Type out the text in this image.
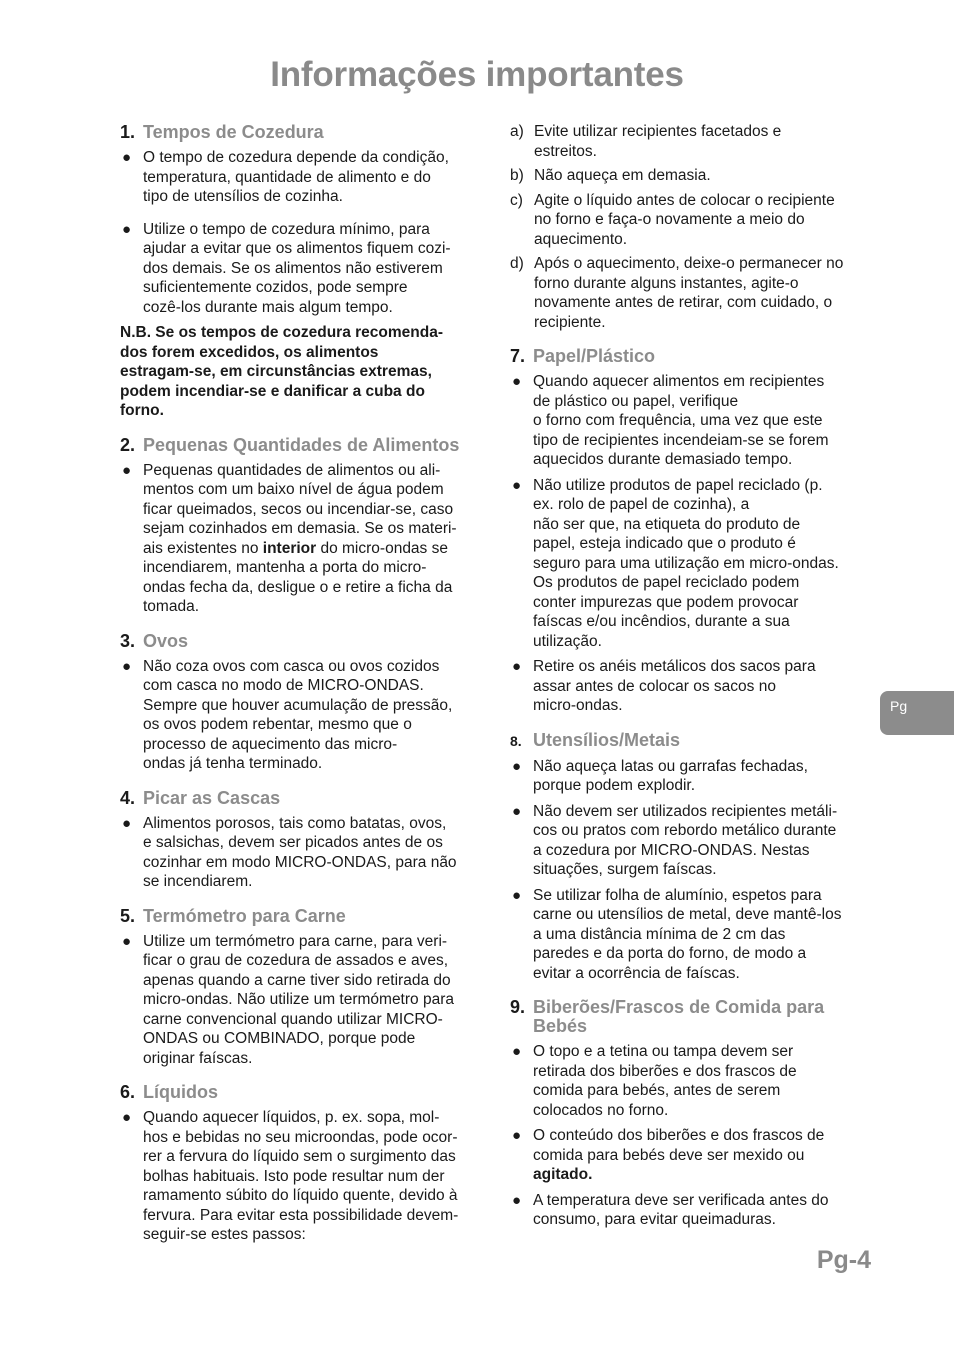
Informações importantes
1. Tempos de Cozedura
● O tempo de cozedura depende da condição,
temperatura, quantidade de alimento e do
tipo de utensílios de cozinha.
● Utilize o tempo de cozedura mínimo, para
ajudar a evitar que os alimentos fiquem cozi-
dos demais. Se os alimentos não estiverem
suficientemente cozidos, pode sempre
cozê-los durante mais algum tempo.
N.B. Se os tempos de cozedura recomenda-
dos forem excedidos, os alimentos
estragam-se, em circunstâncias extremas,
podem incendiar-se e danificar a cuba do
forno.
2. Pequenas Quantidades de Alimentos
● Pequenas quantidades de alimentos ou ali-
mentos com um baixo nível de água podem
ficar queimados, secos ou incendiar-se, caso
sejam cozinhados em demasia. Se os materi-
ais existentes no interior do micro-ondas se
incendiarem, mantenha a porta do micro-
ondas fecha da, desligue o e retire a ficha da
tomada.
3. Ovos
● Não coza ovos com casca ou ovos cozidos
com casca no modo de MICRO-ONDAS.
Sempre que houver acumulação de pressão,
os ovos podem rebentar, mesmo que o
processo de aquecimento das micro-
ondas já tenha terminado.
4. Picar as Cascas
● Alimentos porosos, tais como batatas, ovos,
e salsichas, devem ser picados antes de os
cozinhar em modo MICRO-ONDAS, para não
se incendiarem.
5. Termómetro para Carne
● Utilize um termómetro para carne, para veri-
ficar o grau de cozedura de assados e aves,
apenas quando a carne tiver sido retirada do
micro-ondas. Não utilize um termómetro para
carne convencional quando utilizar MICRO-
ONDAS ou COMBINADO, porque pode
originar faíscas.
6. Líquidos
● Quando aquecer líquidos, p. ex. sopa, mol-
hos e bebidas no seu microondas, pode ocor-
rer a fervura do líquido sem o surgimento das
bolhas habituais. Isto pode resultar num der
ramamento súbito do líquido quente, devido à
fervura. Para evitar esta possibilidade devem-
seguir-se estes passos:
a) Evite utilizar recipientes facetados e
estreitos.
b) Não aqueça em demasia.
c) Agite o líquido antes de colocar o recipiente
no forno e faça-o novamente a meio do
aquecimento.
d) Após o aquecimento, deixe-o permanecer no
forno durante alguns instantes, agite-o
novamente antes de retirar, com cuidado, o
recipiente.
7. Papel/Plástico
● Quando aquecer alimentos em recipientes
de plástico ou papel, verifique
o forno com frequência, uma vez que este
tipo de recipientes incendeiam-se se forem
aquecidos durante demasiado tempo.
● Não utilize produtos de papel reciclado (p.
ex. rolo de papel de cozinha), a
não ser que, na etiqueta do produto de
papel, esteja indicado que o produto é
seguro para uma utilização em micro-ondas.
Os produtos de papel reciclado podem
conter impurezas que podem provocar
faíscas e/ou incêndios, durante a sua
utilização.
● Retire os anéis metálicos dos sacos para
assar antes de colocar os sacos no
micro-ondas.
8. Utensílios/Metais
● Não aqueça latas ou garrafas fechadas,
porque podem explodir.
● Não devem ser utilizados recipientes metáli-
cos ou pratos com rebordo metálico durante
a cozedura por MICRO-ONDAS. Nestas
situações, surgem faíscas.
● Se utilizar folha de alumínio, espetos para
carne ou utensílios de metal, deve mantê-los
a uma distância mínima de 2 cm das
paredes e da porta do forno, de modo a
evitar a ocorrência de faíscas.
9. Biberões/Frascos de Comida para
Bebés
● O topo e a tetina ou tampa devem ser
retirada dos biberões e dos frascos de
comida para bebés, antes de serem
colocados no forno.
● O conteúdo dos biberões e dos frascos de
comida para bebés deve ser mexido ou
agitado.
● A temperatura deve ser verificada antes do
consumo, para evitar queimaduras.
Pg
Pg-4
